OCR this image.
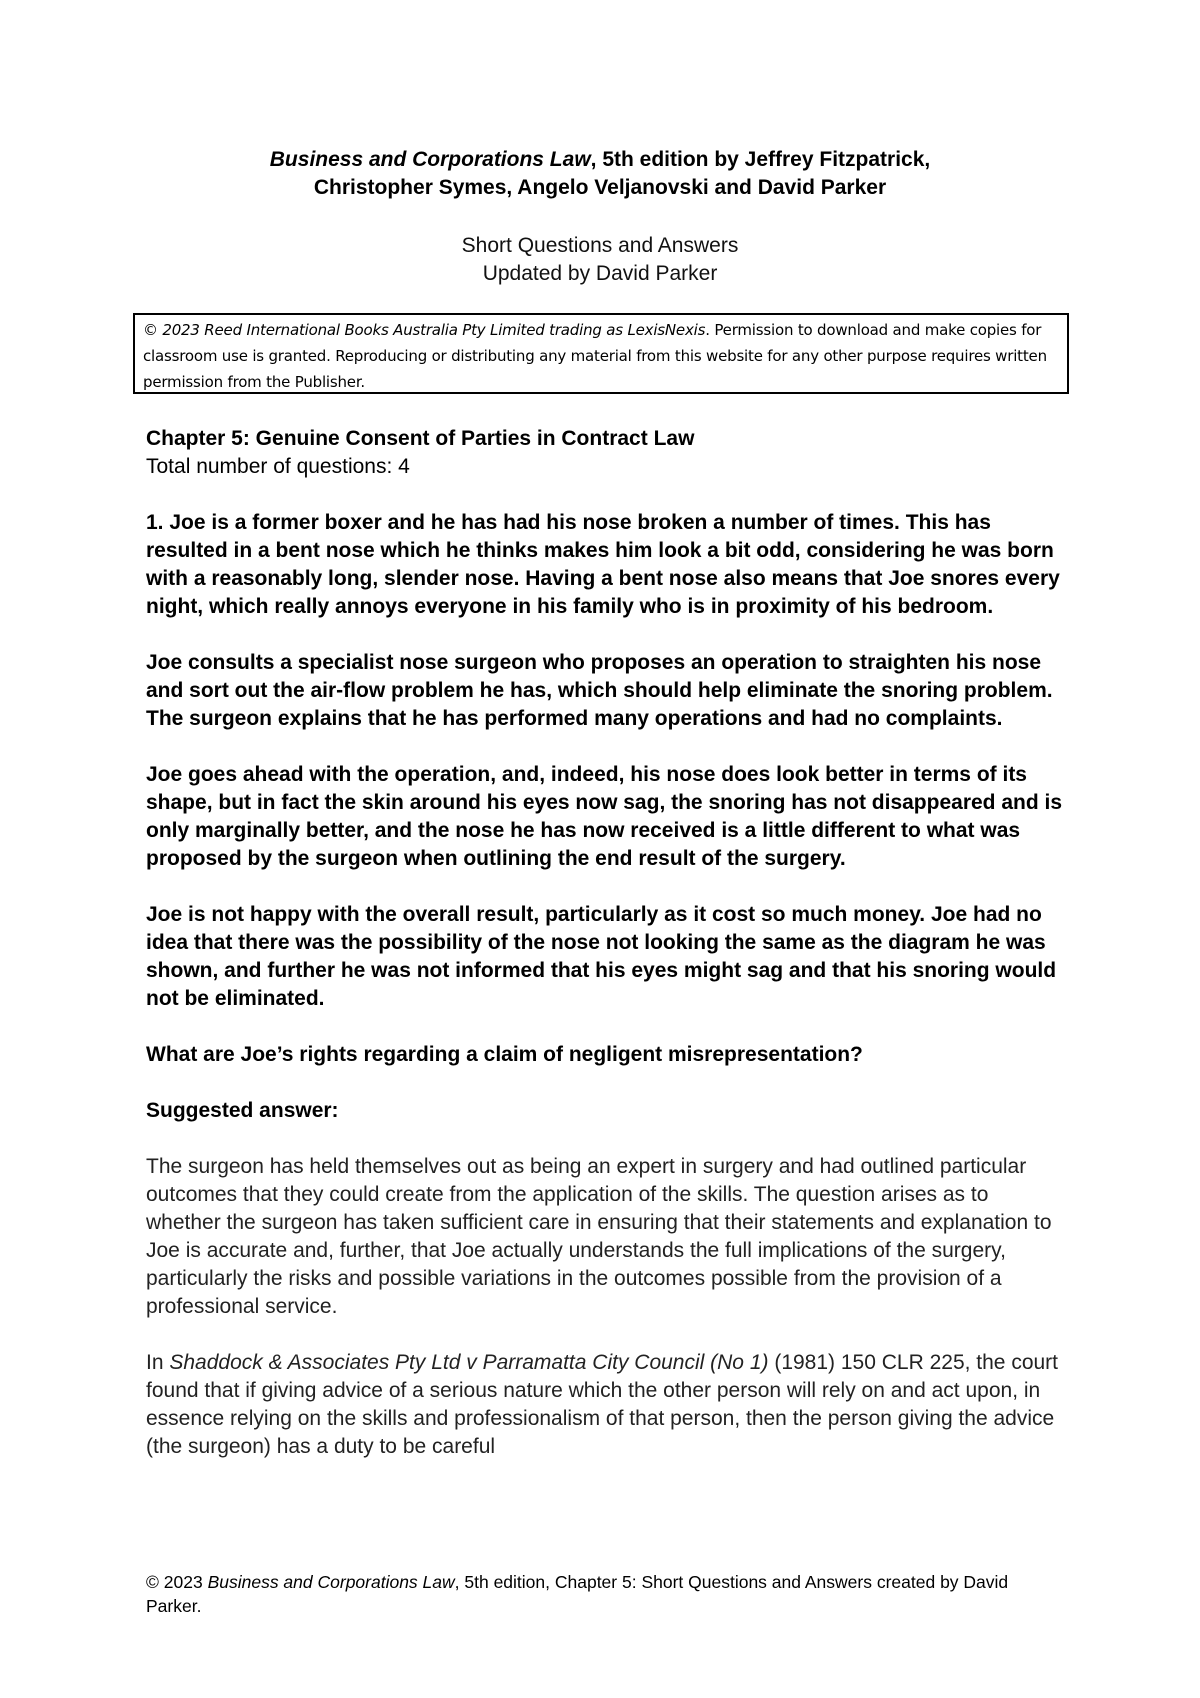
Business and Corporations Law, 5th edition by Jeffrey Fitzpatrick,
Christopher Symes, Angelo Veljanovski and David Parker
Short Questions and Answers
Updated by David Parker
© 2023 Reed International Books Australia Pty Limited trading as LexisNexis. Permission to download and make copies for classroom use is granted. Reproducing or distributing any material from this website for any other purpose requires written permission from the Publisher.

Chapter 5: Genuine Consent of Parties in Contract Law

Total number of questions: 4

1. Joe is a former boxer and he has had his nose broken a number of times. This has resulted in a bent nose which he thinks makes him look a bit odd, considering he was born with a reasonably long, slender nose. Having a bent nose also means that Joe snores every night, which really annoys everyone in his family who is in proximity of his bedroom.

Joe consults a specialist nose surgeon who proposes an operation to straighten his nose and sort out the air-flow problem he has, which should help eliminate the snoring problem. The surgeon explains that he has performed many operations and had no complaints.

Joe goes ahead with the operation, and, indeed, his nose does look better in terms of its shape, but in fact the skin around his eyes now sag, the snoring has not disappeared and is only marginally better, and the nose he has now received is a little different to what was proposed by the surgeon when outlining the end result of the surgery.

Joe is not happy with the overall result, particularly as it cost so much money. Joe had no idea that there was the possibility of the nose not looking the same as the diagram he was shown, and further he was not informed that his eyes might sag and that his snoring would not be eliminated.

What are Joe’s rights regarding a claim of negligent misrepresentation?

Suggested answer:

The surgeon has held themselves out as being an expert in surgery and had outlined particular outcomes that they could create from the application of the skills. The question arises as to whether the surgeon has taken sufficient care in ensuring that their statements and explanation to Joe is accurate and, further, that Joe actually understands the full implications of the surgery, particularly the risks and possible variations in the outcomes possible from the provision of a professional service.

In Shaddock & Associates Pty Ltd v Parramatta City Council (No 1) (1981) 150 CLR 225, the court found that if giving advice of a serious nature which the other person will rely on and act upon, in essence relying on the skills and professionalism of that person, then the person giving the advice (the surgeon) has a duty to be careful

© 2023 Business and Corporations Law, 5th edition, Chapter 5: Short Questions and Answers created by David Parker.
